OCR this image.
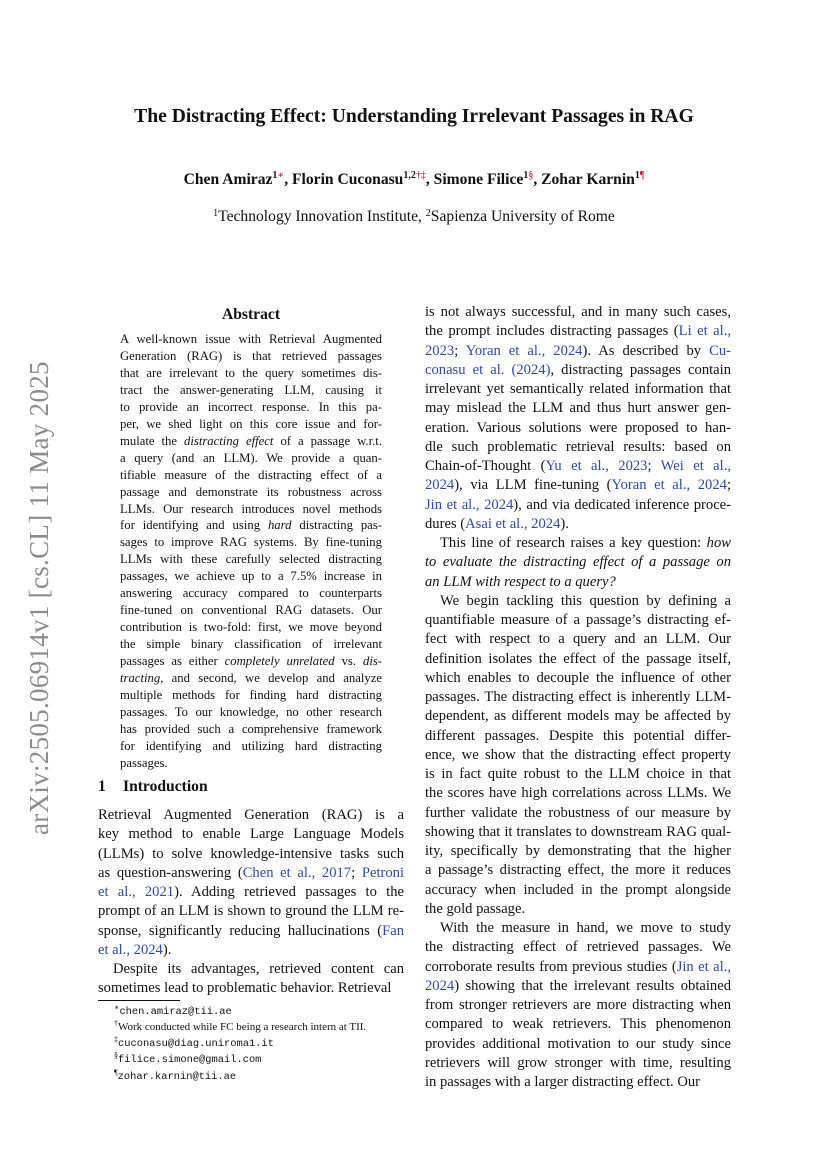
arXiv:2505.06914v1 [cs.CL] 11 May 2025
The Distracting Effect: Understanding Irrelevant Passages in RAG
Chen Amiraz$^{1∗}$, Florin Cuconasu$^{1,2\dagger\ddagger}$, Simone Filice$^{1\S}$, Zohar Karnin$^{1\P}$
$^1$Technology Innovation Institute, $^2$Sapienza University of Rome
Abstract
A well-known issue with Retrieval Augmented
Generation (RAG) is that retrieved passages
that are irrelevant to the query sometimes dis-
tract the answer-generating LLM, causing it
to provide an incorrect response. In this pa-
per, we shed light on this core issue and for-
mulate the distracting effect of a passage w.r.t.
a query (and an LLM). We provide a quan-
tifiable measure of the distracting effect of a
passage and demonstrate its robustness across
LLMs. Our research introduces novel methods
for identifying and using hard distracting pas-
sages to improve RAG systems. By fine-tuning
LLMs with these carefully selected distracting
passages, we achieve up to a 7.5% increase in
answering accuracy compared to counterparts
fine-tuned on conventional RAG datasets. Our
contribution is two-fold: first, we move beyond
the simple binary classification of irrelevant
passages as either completely unrelated vs. dis-
tracting, and second, we develop and analyze
multiple methods for finding hard distracting
passages. To our knowledge, no other research
has provided such a comprehensive framework
for identifying and utilizing hard distracting
passages.
1 Introduction
Retrieval Augmented Generation (RAG) is a
key method to enable Large Language Models
(LLMs) to solve knowledge-intensive tasks such
as question-answering (Chen et al., 2017; Petroni
et al., 2021). Adding retrieved passages to the
prompt of an LLM is shown to ground the LLM re-
sponse, significantly reducing hallucinations (Fan
et al., 2024).
Despite its advantages, retrieved content can
sometimes lead to problematic behavior. Retrieval
is not always successful, and in many such cases,
the prompt includes distracting passages (Li et al.,
2023; Yoran et al., 2024). As described by Cu-
conasu et al. (2024), distracting passages contain
irrelevant yet semantically related information that
may mislead the LLM and thus hurt answer gen-
eration. Various solutions were proposed to han-
dle such problematic retrieval results: based on
Chain-of-Thought (Yu et al., 2023; Wei et al.,
2024), via LLM fine-tuning (Yoran et al., 2024;
Jin et al., 2024), and via dedicated inference proce-
dures (Asai et al., 2024).
This line of research raises a key question: how
to evaluate the distracting effect of a passage on
an LLM with respect to a query?
We begin tackling this question by defining a
quantifiable measure of a passage’s distracting ef-
fect with respect to a query and an LLM. Our
definition isolates the effect of the passage itself,
which enables to decouple the influence of other
passages. The distracting effect is inherently LLM-
dependent, as different models may be affected by
different passages. Despite this potential differ-
ence, we show that the distracting effect property
is in fact quite robust to the LLM choice in that
the scores have high correlations across LLMs. We
further validate the robustness of our measure by
showing that it translates to downstream RAG qual-
ity, specifically by demonstrating that the higher
a passage’s distracting effect, the more it reduces
accuracy when included in the prompt alongside
the gold passage.
With the measure in hand, we move to study
the distracting effect of retrieved passages. We
corroborate results from previous studies (Jin et al.,
2024) showing that the irrelevant results obtained
from stronger retrievers are more distracting when
compared to weak retrievers. This phenomenon
provides additional motivation to our study since
retrievers will grow stronger with time, resulting
in passages with a larger distracting effect. Our
∗chen.amiraz@tii.ae
†Work conducted while FC being a research intern at TII.
‡cuconasu@diag.uniroma1.it
§filice.simone@gmail.com
¶zohar.karnin@tii.ae
